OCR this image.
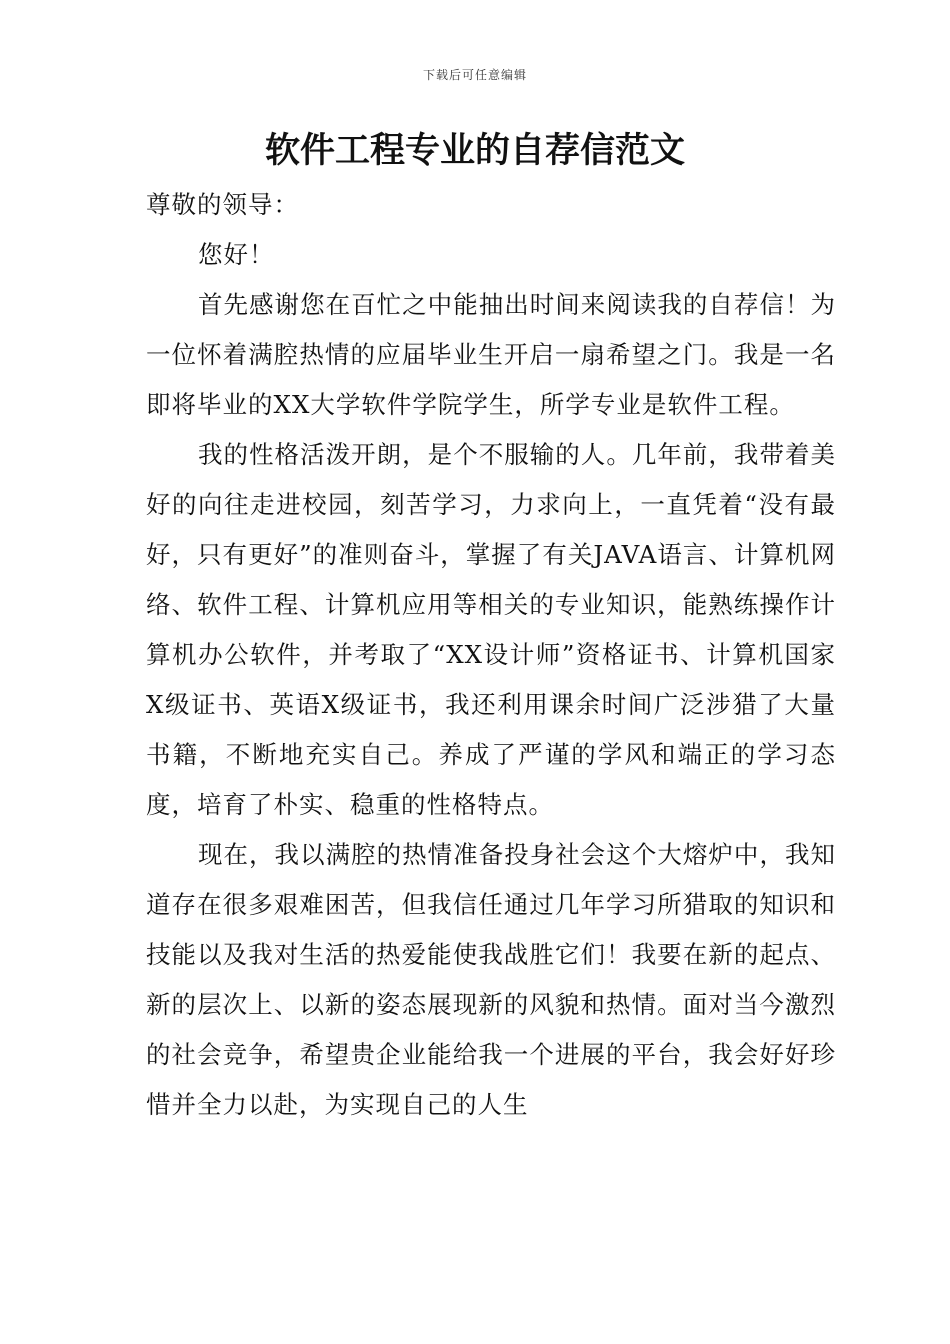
下载后可任意编辑
软件工程专业的自荐信范文

尊敬的领导：

您好！

首先感谢您在百忙之中能抽出时间来阅读我的自荐信！为一位怀着满腔热情的应届毕业生开启一扇希望之门。我是一名即将毕业的XX大学软件学院学生，所学专业是软件工程。

我的性格活泼开朗，是个不服输的人。几年前，我带着美好的向往走进校园，刻苦学习，力求向上，一直凭着“没有最好，只有更好”的准则奋斗，掌握了有关JAVA语言、计算机网络、软件工程、计算机应用等相关的专业知识，能熟练操作计算机办公软件，并考取了“XX设计师”资格证书、计算机国家X级证书、英语X级证书，我还利用课余时间广泛涉猎了大量书籍，不断地充实自己。养成了严谨的学风和端正的学习态度，培育了朴实、稳重的性格特点。

现在，我以满腔的热情准备投身社会这个大熔炉中，我知道存在很多艰难困苦，但我信任通过几年学习所猎取的知识和技能以及我对生活的热爱能使我战胜它们！我要在新的起点、新的层次上、以新的姿态展现新的风貌和热情。面对当今激烈的社会竞争，希望贵企业能给我一个进展的平台，我会好好珍惜并全力以赴，为实现自己的人生
